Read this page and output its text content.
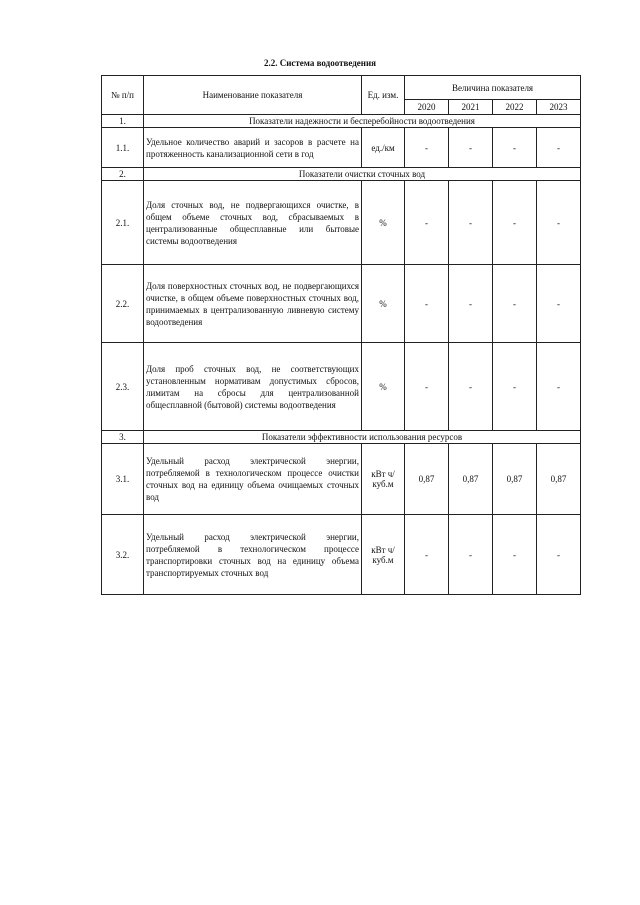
2.2. Система водоотведения
№ п/п	Наименование показателя	Ед. изм.	Величина показателя			
			2020	2021	2022	2023
1.	Показатели надежности и бесперебойности водоотведения					
1.1.	Удельное количество аварий и засоров в расчете на протяженность канализационной сети в год	ед./км	-	-	-	-
2.	Показатели очистки сточных вод					
2.1.	Доля сточных вод, не подвергающихся очистке, в общем объеме сточных вод, сбрасываемых в централизованные общесплавные или бытовые системы водоотведения	%	-	-	-	-
2.2.	Доля поверхностных сточных вод, не подвергающихся очистке, в общем объеме поверхностных сточных вод, принимаемых в централизованную ливневую систему водоотведения	%	-	-	-	-
2.3.	Доля проб сточных вод, не соответствующих установленным нормативам допустимых сбросов, лимитам на сбросы для централизованной общесплавной (бытовой) системы водоотведения	%	-	-	-	-
3.	Показатели эффективности использования ресурсов					
3.1.	Удельный расход электрической энергии, потребляемой в технологическом процессе очистки сточных вод на единицу объема очищаемых сточных вод	кВт ч/куб.м	0,87	0,87	0,87	0,87
3.2.	Удельный расход электрической энергии, потребляемой в технологическом процессе транспортировки сточных вод на единицу объема транспортируемых сточных вод	кВт ч/куб.м	-	-	-	-
